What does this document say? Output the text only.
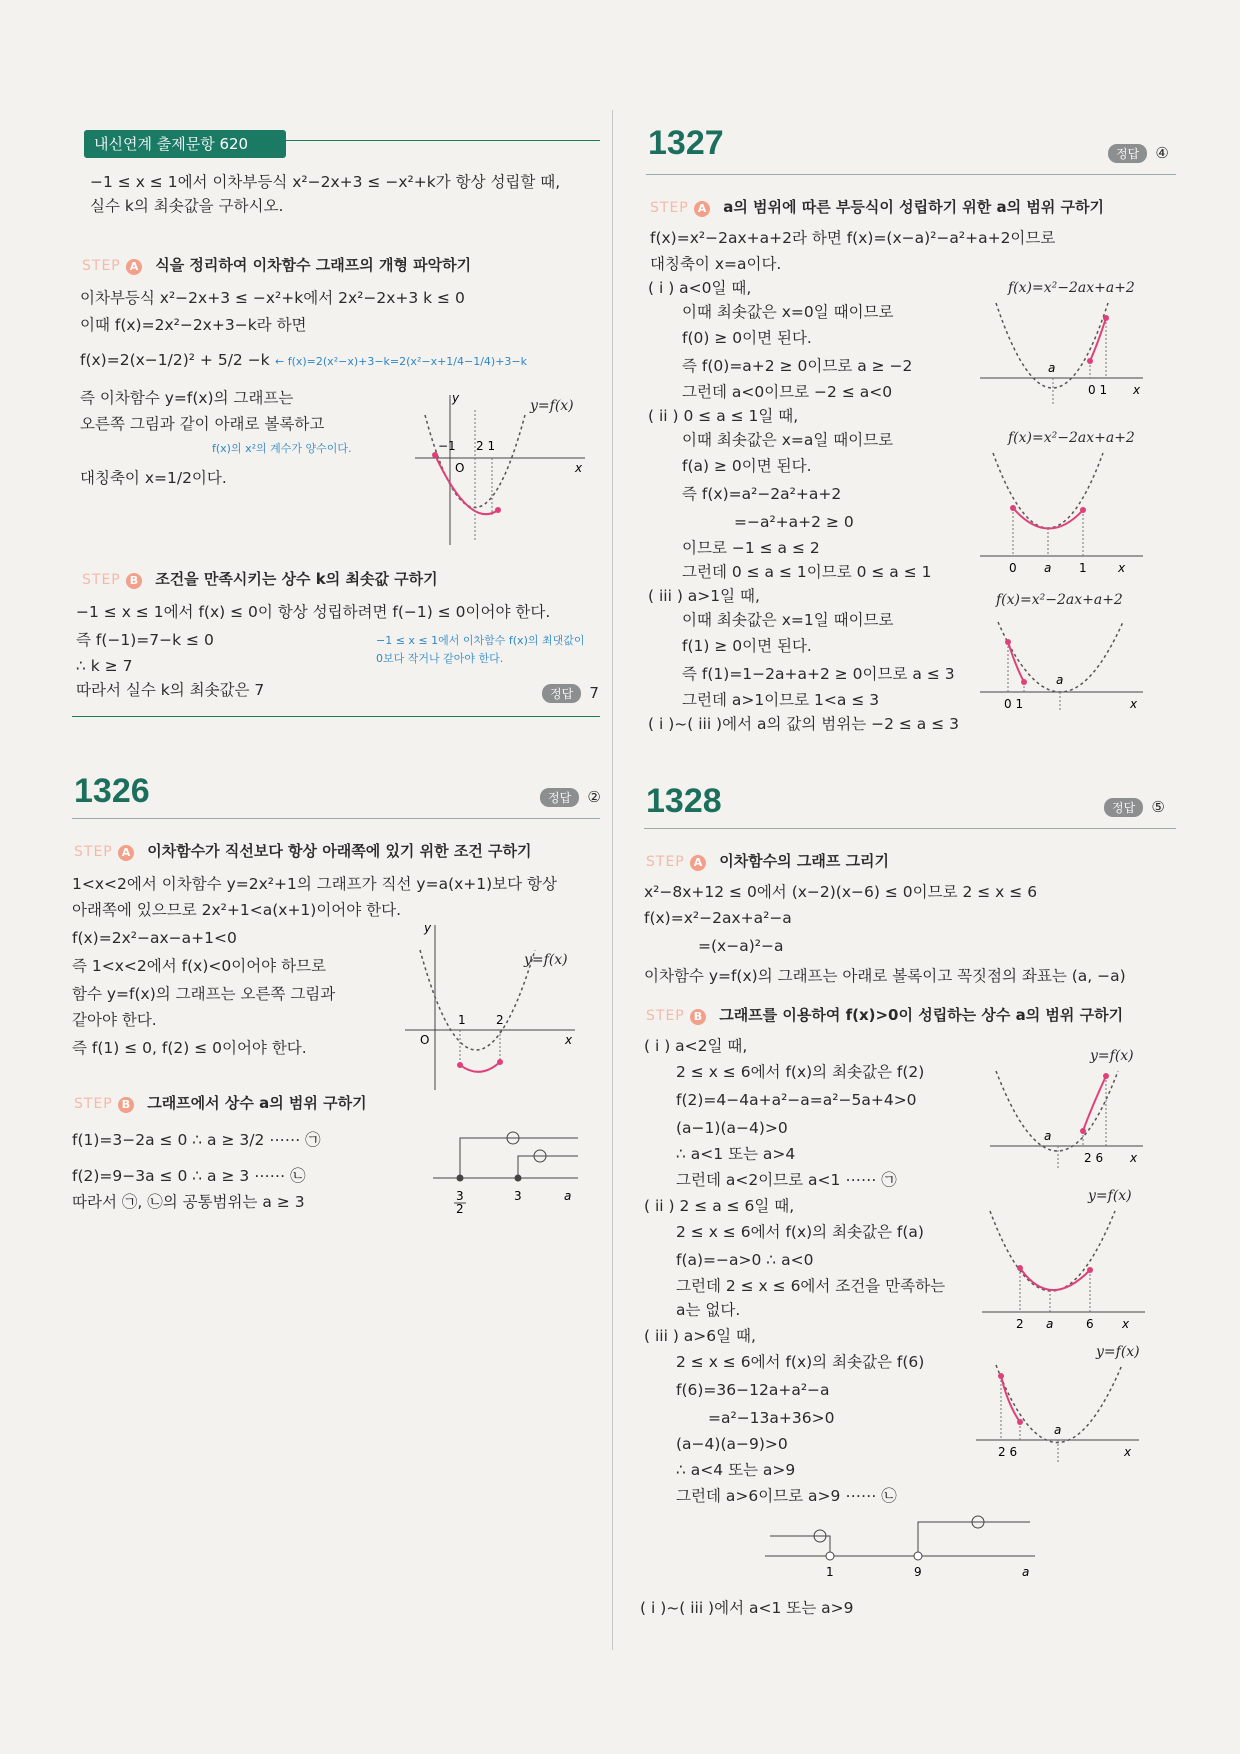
내신연계 출제문항 620
−1 ≤ x ≤ 1에서 이차부등식 x²−2x+3 ≤ −x²+k가 항상 성립할 때,
실수 k의 최솟값을 구하시오.
STEP A 식을 정리하여 이차함수 그래프의 개형 파악하기
이차부등식 x²−2x+3 ≤ −x²+k에서 2x²−2x+3 k ≤ 0
이때 f(x)=2x²−2x+3−k라 하면
f(x)=2(x−1/2)² + 5/2 −k ← f(x)=2(x²−x)+3−k=2(x²−x+1/4−1/4)+3−k
즉 이차함수 y=f(x)의 그래프는
오른쪽 그림과 같이 아래로 볼록하고
f(x)의 x²의 계수가 양수이다.
대칭축이 x=1/2이다.
−1
O
2 1
x
y	y=f(x)
STEP B 조건을 만족시키는 상수 k의 최솟값 구하기
−1 ≤ x ≤ 1에서 f(x) ≤ 0이 항상 성립하려면 f(−1) ≤ 0이어야 한다.
즉 f(−1)=7−k ≤ 0	−1 ≤ x ≤ 1에서 이차함수 f(x)의 최댓값이
0보다 작거나 같아야 한다.
∴ k ≥ 7
따라서 실수 k의 최솟값은 7	정답 7
1326	정답 ②
STEP A 이차함수가 직선보다 항상 아래쪽에 있기 위한 조건 구하기
1<x<2에서 이차함수 y=2x²+1의 그래프가 직선 y=a(x+1)보다 항상
아래쪽에 있으므로 2x²+1<a(x+1)이어야 한다.
f(x)=2x²−ax−a+1<0
즉 1<x<2에서 f(x)<0이어야 하므로
함수 y=f(x)의 그래프는 오른쪽 그림과
같아야 한다.
즉 f(1) ≤ 0, f(2) ≤ 0이어야 한다.
1	2
O	x
y
y=f(x)
STEP B 그래프에서 상수 a의 범위 구하기
f(1)=3−2a ≤ 0 ∴ a ≥ 3/2 ⋯⋯ ㉠
f(2)=9−3a ≤ 0 ∴ a ≥ 3 ⋯⋯ ㉡
따라서 ㉠, ㉡의 공통범위는 a ≥ 3	3
2
3	a
1327	정답 ④
STEP A a의 범위에 따른 부등식이 성립하기 위한 a의 범위 구하기
f(x)=x²−2ax+a+2라 하면 f(x)=(x−a)²−a²+a+2이므로
대칭축이 x=a이다.
( i ) a<0일 때,
이때 최솟값은 x=0일 때이므로
f(0) ≥ 0이면 된다.
즉 f(0)=a+2 ≥ 0이므로 a ≥ −2
그런데 a<0이므로 −2 ≤ a<0
( ii ) 0 ≤ a ≤ 1일 때,
이때 최솟값은 x=a일 때이므로
f(a) ≥ 0이면 된다.
즉 f(x)=a²−2a²+a+2
=−a²+a+2 ≥ 0
이므로 −1 ≤ a ≤ 2
그런데 0 ≤ a ≤ 1이므로 0 ≤ a ≤ 1
( iii ) a>1일 때,
이때 최솟값은 x=1일 때이므로
f(1) ≥ 0이면 된다.
즉 f(1)=1−2a+a+2 ≥ 0이므로 a ≤ 3
그런데 a>1이므로 1<a ≤ 3
( i )~( iii )에서 a의 값의 범위는 −2 ≤ a ≤ 3
f(x)=x²−2ax+a+2
a
0 1 x
f(x)=x²−2ax+a+2
0 a 1	x
f(x)=x²−2ax+a+2
a
0 1	x
1328	정답 ⑤
STEP A 이차함수의 그래프 그리기
x²−8x+12 ≤ 0에서 (x−2)(x−6) ≤ 0이므로 2 ≤ x ≤ 6
f(x)=x²−2ax+a²−a
=(x−a)²−a
이차함수 y=f(x)의 그래프는 아래로 볼록이고 꼭짓점의 좌표는 (a, −a)
STEP B 그래프를 이용하여 f(x)>0이 성립하는 상수 a의 범위 구하기
( i ) a<2일 때,
2 ≤ x ≤ 6에서 f(x)의 최솟값은 f(2)
f(2)=4−4a+a²−a=a²−5a+4>0
(a−1)(a−4)>0
∴ a<1 또는 a>4
그런데 a<2이므로 a<1 ⋯⋯ ㉠
( ii ) 2 ≤ a ≤ 6일 때,
2 ≤ x ≤ 6에서 f(x)의 최솟값은 f(a)
f(a)=−a>0 ∴ a<0
그런데 2 ≤ x ≤ 6에서 조건을 만족하는
a는 없다.
( iii ) a>6일 때,
2 ≤ x ≤ 6에서 f(x)의 최솟값은 f(6)
f(6)=36−12a+a²−a
=a²−13a+36>0
(a−4)(a−9)>0
∴ a<4 또는 a>9
그런데 a>6이므로 a>9 ⋯⋯ ㉡
y=f(x)
a
2 6 x
y=f(x)
2 a	6 x
y=f(x)
a
2 6	x
1	9	a
( i )~( iii )에서 a<1 또는 a>9
